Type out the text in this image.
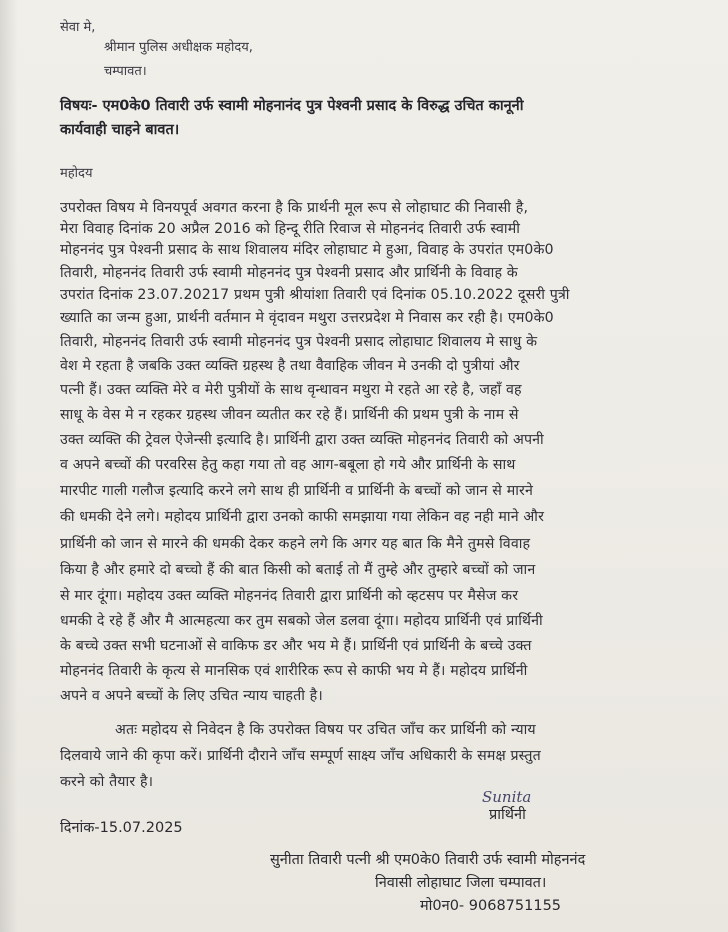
सेवा मे,
श्रीमान पुलिस अधीक्षक महोदय,
चम्पावत।
विषयः- एम0के0 तिवारी उर्फ स्वामी मोहनानंद पुत्र पेश्वनी प्रसाद के विरुद्ध उचित कानूनी
कार्यवाही चाहने बावत।
महोदय
उपरोक्त विषय मे विनयपूर्व अवगत करना है कि प्रार्थनी मूल रूप से लोहाघाट की निवासी है,
मेरा विवाह दिनांक 20 अप्रैल 2016 को हिन्दू रीति रिवाज से मोहननंद तिवारी उर्फ स्वामी
मोहननंद पुत्र पेश्वनी प्रसाद के साथ शिवालय मंदिर लोहाघाट मे हुआ, विवाह के उपरांत एम0के0
तिवारी, मोहननंद तिवारी उर्फ स्वामी मोहननंद पुत्र पेश्वनी प्रसाद और प्रार्थिनी के विवाह के
उपरांत दिनांक 23.07.20217 प्रथम पुत्री श्रीयांशा तिवारी एवं दिनांक 05.10.2022 दूसरी पुत्री
ख्याति का जन्म हुआ, प्रार्थनी वर्तमान मे वृंदावन मथुरा उत्तरप्रदेश मे निवास कर रही है। एम0के0
तिवारी, मोहननंद तिवारी उर्फ स्वामी मोहननंद पुत्र पेश्वनी प्रसाद लोहाघाट शिवालय मे साधु के
वेश मे रहता है जबकि उक्त व्यक्ति ग्रहस्थ है तथा वैवाहिक जीवन मे उनकी दो पुत्रीयां और
पत्नी हैं। उक्त व्यक्ति मेरे व मेरी पुत्रीयों के साथ वृन्धावन मथुरा मे रहते आ रहे है, जहाँ वह
साधू के वेस मे न रहकर ग्रहस्थ जीवन व्यतीत कर रहे हैं। प्रार्थिनी की प्रथम पुत्री के नाम से
उक्त व्यक्ति की ट्रेवल ऐजेन्सी इत्यादि है। प्रार्थिनी द्वारा उक्त व्यक्ति मोहननंद तिवारी को अपनी
व अपने बच्चों की परवरिस हेतु कहा गया तो वह आग-बबूला हो गये और प्रार्थिनी के साथ
मारपीट गाली गलौज इत्यादि करने लगे साथ ही प्रार्थिनी व प्रार्थिनी के बच्चों को जान से मारने
की धमकी देने लगे। महोदय प्रार्थिनी द्वारा उनको काफी समझाया गया लेकिन वह नही माने और
प्रार्थिनी को जान से मारने की धमकी देकर कहने लगे कि अगर यह बात कि मैने तुमसे विवाह
किया है और हमारे दो बच्चो हैं की बात किसी को बताई तो मैं तुम्हे और तुम्हारे बच्चों को जान
से मार दूंगा। महोदय उक्त व्यक्ति मोहननंद तिवारी द्वारा प्रार्थिनी को व्हटसप पर मैसेज कर
धमकी दे रहे हैं और मै आत्महत्या कर तुम सबको जेल डलवा दूंगा। महोदय प्रार्थिनी एवं प्रार्थिनी
के बच्चे उक्त सभी घटनाओं से वाकिफ डर और भय मे हैं। प्रार्थिनी एवं प्रार्थिनी के बच्चे उक्त
मोहननंद तिवारी के कृत्य से मानसिक एवं शारीरिक रूप से काफी भय मे हैं। महोदय प्रार्थिनी
अपने व अपने बच्चों के लिए उचित न्याय चाहती है।
अतः महोदय से निवेदन है कि उपरोक्त विषय पर उचित जाँच कर प्रार्थिनी को न्याय
दिलवाये जाने की कृपा करें। प्रार्थिनी दौराने जाँच सम्पूर्ण साक्ष्य जाँच अधिकारी के समक्ष प्रस्तुत
करने को तैयार है।
Sunita
प्रार्थिनी
दिनांक-15.07.2025
सुनीता तिवारी पत्नी श्री एम0के0 तिवारी उर्फ स्वामी मोहननंद
निवासी लोहाघाट जिला चम्पावत।
मो0न0- 9068751155
